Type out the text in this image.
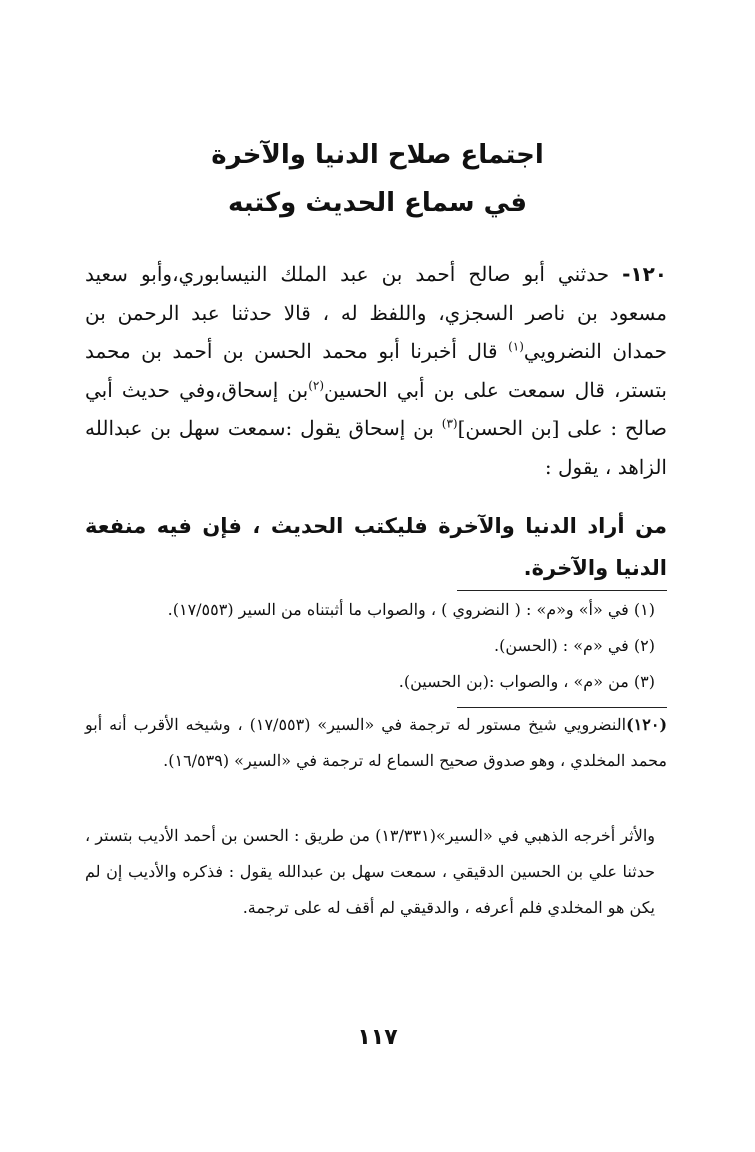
اجتماع صلاح الدنيا والآخرة
في سماع الحديث وكتبه
١٢٠- حدثني أبو صالح أحمد بن عبد الملك النيسابوري،وأبو سعيد مسعود بن ناصر السجزي، واللفظ له ، قالا حدثنا عبد الرحمن بن حمدان النضرويي$^{(١)}$ قال أخبرنا أبو محمد الحسن بن أحمد بن محمد بتستر، قال سمعت على بن أبي الحسين$^{(٢)}$بن إسحاق،وفي حديث أبي صالح : على [بن الحسن]$^{(٣)}$ بن إسحاق يقول :سمعت سهل بن عبدالله الزاهد ، يقول :
من أراد الدنيا والآخرة فليكتب الحديث ، فإن فيه منفعة الدنيا والآخرة.
(١) في «أ» و«م» : ( النضروي ) ، والصواب ما أثبتناه من السير (١٧/٥٥٣).
(٢) في «م» : (الحسن).
(٣) من «م» ، والصواب :(بن الحسين).
(١٢٠)النضرويي شيخ مستور له ترجمة في «السير» (١٧/٥٥٣) ، وشيخه الأقرب أنه أبو محمد المخلدي ، وهو صدوق صحيح السماع له ترجمة في «السير» (١٦/٥٣٩).
والأثر أخرجه الذهبي في «السير»(١٣/٣٣١) من طريق : الحسن بن أحمد الأديب بتستر ، حدثنا علي بن الحسين الدقيقي ، سمعت سهل بن عبدالله يقول : فذكره والأديب إن لم يكن هو المخلدي فلم أعرفه ، والدقيقي لم أقف له على ترجمة.
١١٧
